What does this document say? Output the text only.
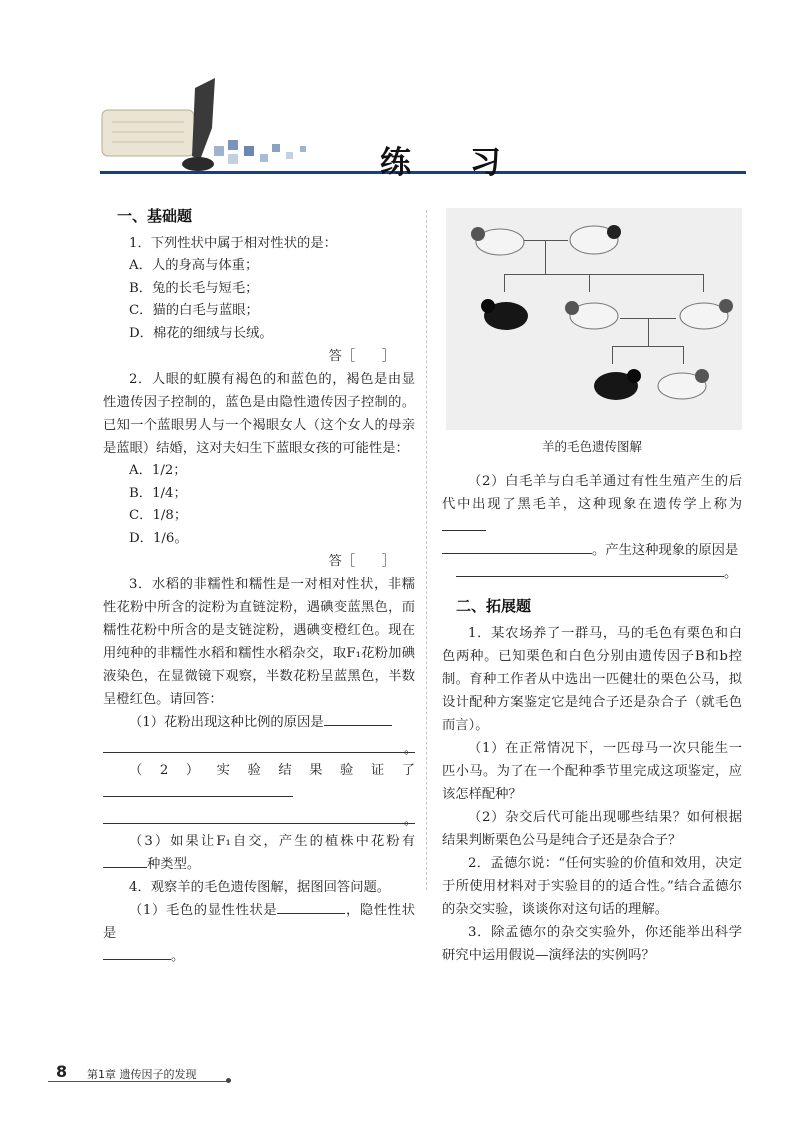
练 习
一、基础题

1．下列性状中属于相对性状的是：

A．人的身高与体重；

B．兔的长毛与短毛；

C．猫的白毛与蓝眼；

D．棉花的细绒与长绒。

答［　　］

2．人眼的虹膜有褐色的和蓝色的，褐色是由显性遗传因子控制的，蓝色是由隐性遗传因子控制的。已知一个蓝眼男人与一个褐眼女人（这个女人的母亲是蓝眼）结婚，这对夫妇生下蓝眼女孩的可能性是：

A．1/2；

B．1/4；

C．1/8；

D．1/6。

答［　　］

3．水稻的非糯性和糯性是一对相对性状，非糯性花粉中所含的淀粉为直链淀粉，遇碘变蓝黑色，而糯性花粉中所含的是支链淀粉，遇碘变橙红色。现在用纯种的非糯性水稻和糯性水稻杂交，取F₁花粉加碘液染色，在显微镜下观察，半数花粉呈蓝黑色，半数呈橙红色。请回答：

（1）花粉出现这种比例的原因是

。

（2）实验结果验证了

。

（3）如果让F₁自交，产生的植株中花粉有种类型。

4．观察羊的毛色遗传图解，据图回答问题。

（1）毛色的显性性状是	，隐性性状是

。

羊的毛色遗传图解

（2）白毛羊与白毛羊通过有性生殖产生的后代中出现了黑毛羊，这种现象在遗传学上称为

。产生这种现象的原因是

。

二、拓展题

1．某农场养了一群马，马的毛色有栗色和白色两种。已知栗色和白色分别由遗传因子B和b控制。育种工作者从中选出一匹健壮的栗色公马，拟设计配种方案鉴定它是纯合子还是杂合子（就毛色而言）。

（1）在正常情况下，一匹母马一次只能生一匹小马。为了在一个配种季节里完成这项鉴定，应该怎样配种？

（2）杂交后代可能出现哪些结果？如何根据结果判断栗色公马是纯合子还是杂合子？

2．孟德尔说：“任何实验的价值和效用，决定于所使用材料对于实验目的的适合性。”结合孟德尔的杂交实验，谈谈你对这句话的理解。

3．除孟德尔的杂交实验外，你还能举出科学研究中运用假说—演绎法的实例吗？

8 第1章 遗传因子的发现
